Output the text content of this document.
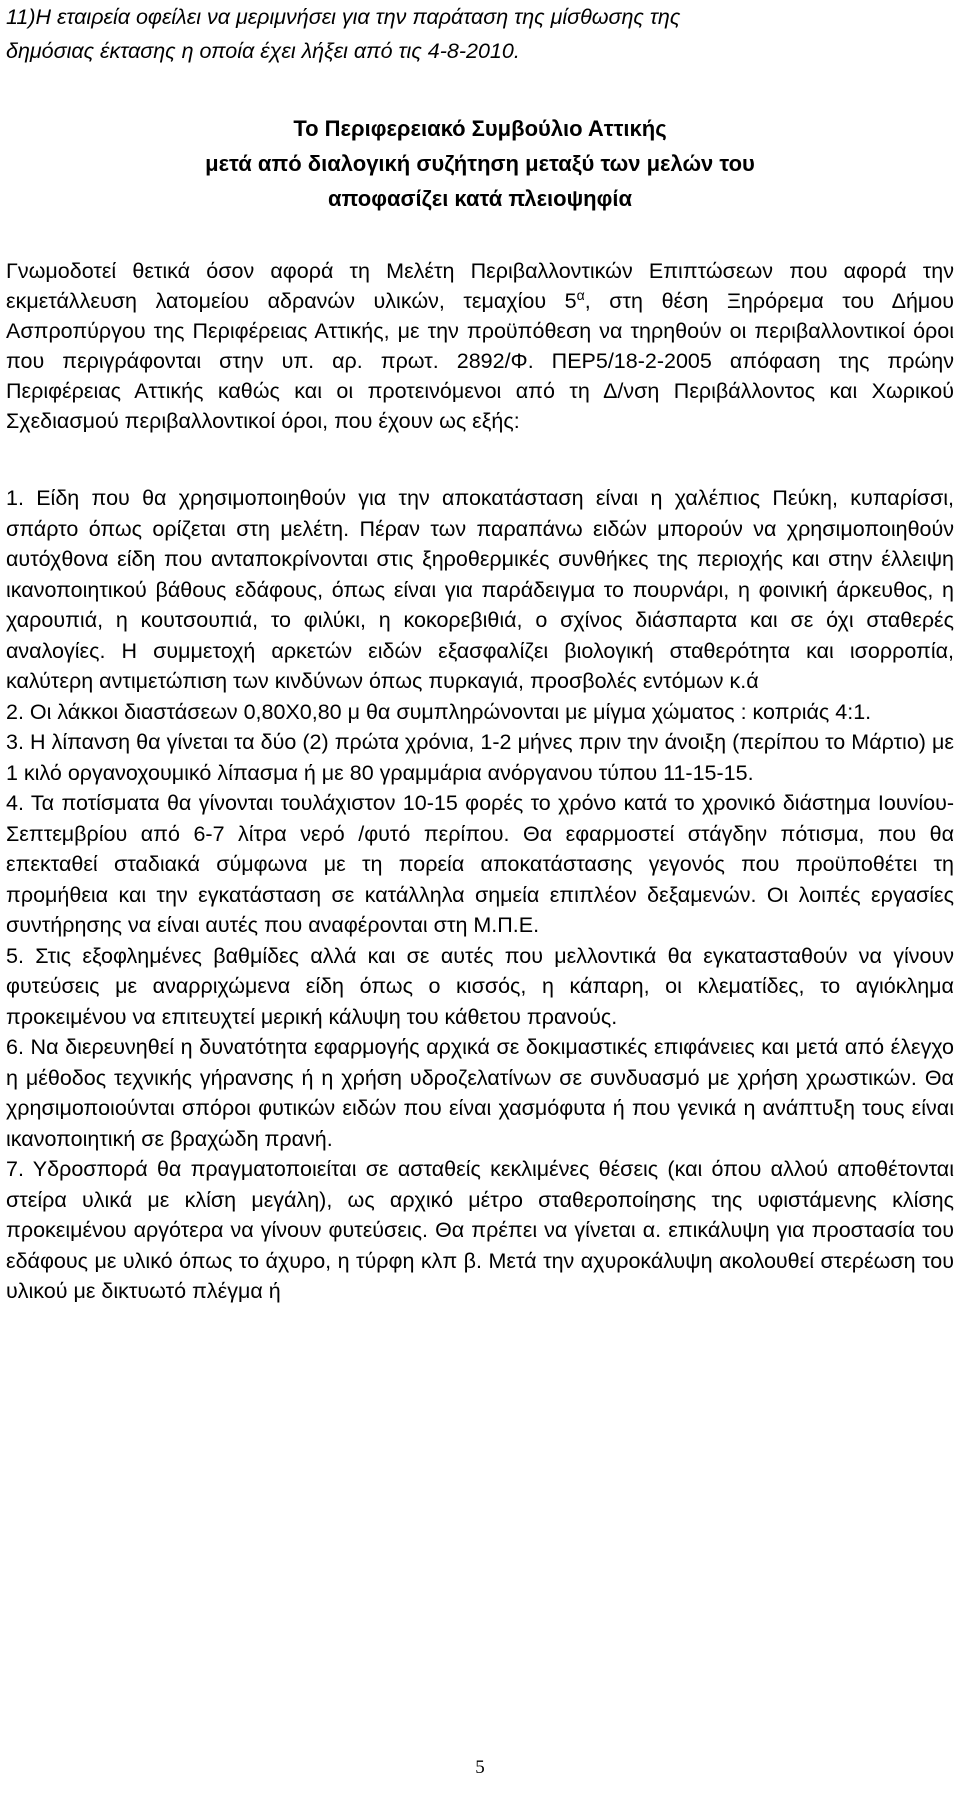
11)Η εταιρεία οφείλει να μεριμνήσει για την παράταση της μίσθωσης της
δημόσιας έκτασης η οποία έχει λήξει από τις 4-8-2010.
Το Περιφερειακό Συμβούλιο Αττικής
μετά από διαλογική συζήτηση μεταξύ των μελών του
αποφασίζει κατά πλειοψηφία
Γνωμοδοτεί θετικά όσον αφορά τη Μελέτη Περιβαλλοντικών Επιπτώσεων που αφορά την εκμετάλλευση λατομείου αδρανών υλικών, τεμαχίου $5^\alpha$, στη θέση Ξηρόρεμα του Δήμου Ασπροπύργου της Περιφέρειας Αττικής, με την προϋπόθεση να τηρηθούν οι περιβαλλοντικοί όροι που περιγράφονται στην υπ. αρ. πρωτ. 2892/Φ. ΠΕΡ5/18-2-2005 απόφαση της πρώην Περιφέρειας Αττικής καθώς και οι προτεινόμενοι από τη Δ/νση Περιβάλλοντος και Χωρικού Σχεδιασμού περιβαλλοντικοί όροι, που έχουν ως εξής:

1. Είδη που θα χρησιμοποιηθούν για την αποκατάσταση είναι η χαλέπιος Πεύκη, κυπαρίσσι, σπάρτο όπως ορίζεται στη μελέτη. Πέραν των παραπάνω ειδών μπορούν να χρησιμοποιηθούν αυτόχθονα είδη που ανταποκρίνονται στις ξηροθερμικές συνθήκες της περιοχής και στην έλλειψη ικανοποιητικού βάθους εδάφους, όπως είναι για παράδειγμα το πουρνάρι, η φοινική άρκευθος, η χαρουπιά, η κουτσουπιά, το φιλύκι, η κοκορεβιθιά, ο σχίνος διάσπαρτα και σε όχι σταθερές αναλογίες. Η συμμετοχή αρκετών ειδών εξασφαλίζει βιολογική σταθερότητα και ισορροπία, καλύτερη αντιμετώπιση των κινδύνων όπως πυρκαγιά, προσβολές εντόμων κ.ά

2. Οι λάκκοι διαστάσεων 0,80Χ0,80 μ θα συμπληρώνονται με μίγμα χώματος : κοπριάς 4:1.

3. Η λίπανση θα γίνεται τα δύο (2) πρώτα χρόνια, 1-2 μήνες πριν την άνοιξη (περίπου το Μάρτιο) με 1 κιλό οργανοχουμικό λίπασμα ή με 80 γραμμάρια ανόργανου τύπου 11-15-15.

4. Τα ποτίσματα θα γίνονται τουλάχιστον 10-15 φορές το χρόνο κατά το χρονικό διάστημα Ιουνίου-Σεπτεμβρίου από 6-7 λίτρα νερό /φυτό περίπου. Θα εφαρμοστεί στάγδην πότισμα, που θα επεκταθεί σταδιακά σύμφωνα με τη πορεία αποκατάστασης γεγονός που προϋποθέτει τη προμήθεια και την εγκατάσταση σε κατάλληλα σημεία επιπλέον δεξαμενών. Οι λοιπές εργασίες συντήρησης να είναι αυτές που αναφέρονται στη Μ.Π.Ε.

5. Στις εξοφλημένες βαθμίδες αλλά και σε αυτές που μελλοντικά θα εγκατασταθούν να γίνουν φυτεύσεις με αναρριχώμενα είδη όπως ο κισσός, η κάπαρη, οι κλεματίδες, το αγιόκλημα προκειμένου να επιτευχτεί μερική κάλυψη του κάθετου πρανούς.

6. Να διερευνηθεί η δυνατότητα εφαρμογής αρχικά σε δοκιμαστικές επιφάνειες και μετά από έλεγχο η μέθοδος τεχνικής γήρανσης ή η χρήση υδροζελατίνων σε συνδυασμό με χρήση χρωστικών. Θα χρησιμοποιούνται σπόροι φυτικών ειδών που είναι χασμόφυτα ή που γενικά η ανάπτυξη τους είναι ικανοποιητική σε βραχώδη πρανή.

7. Υδροσπορά θα πραγματοποιείται σε ασταθείς κεκλιμένες θέσεις (και όπου αλλού αποθέτονται στείρα υλικά με κλίση μεγάλη), ως αρχικό μέτρο σταθεροποίησης της υφιστάμενης κλίσης προκειμένου αργότερα να γίνουν φυτεύσεις. Θα πρέπει να γίνεται α. επικάλυψη για προστασία του εδάφους με υλικό όπως το άχυρο, η τύρφη κλπ β. Μετά την αχυροκάλυψη ακολουθεί στερέωση του υλικού με δικτυωτό πλέγμα ή

5
